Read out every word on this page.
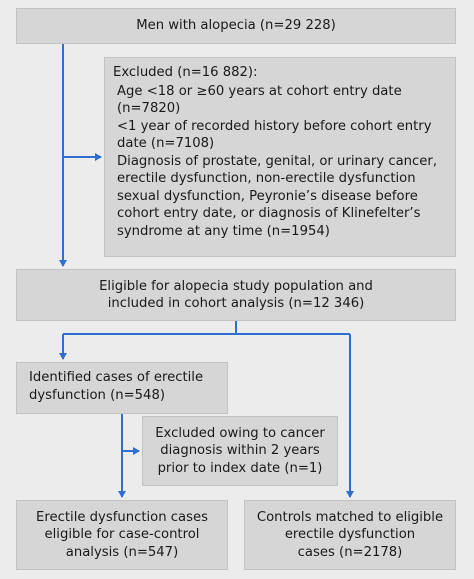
Men with alopecia (n=29 228)
Excluded (n=16 882):
Age <18 or ≥60 years at cohort entry date
(n=7820)
<1 year of recorded history before cohort entry
date (n=7108)
Diagnosis of prostate, genital, or urinary cancer,
erectile dysfunction, non-erectile dysfunction
sexual dysfunction, Peyronie’s disease before
cohort entry date, or diagnosis of Klinefelter’s
syndrome at any time (n=1954)
Eligible for alopecia study population and
included in cohort analysis (n=12 346)
Identified cases of erectile
dysfunction (n=548)
Excluded owing to cancer
diagnosis within 2 years
prior to index date (n=1)
Erectile dysfunction cases
eligible for case-control
analysis (n=547)
Controls matched to eligible
erectile dysfunction
cases (n=2178)
